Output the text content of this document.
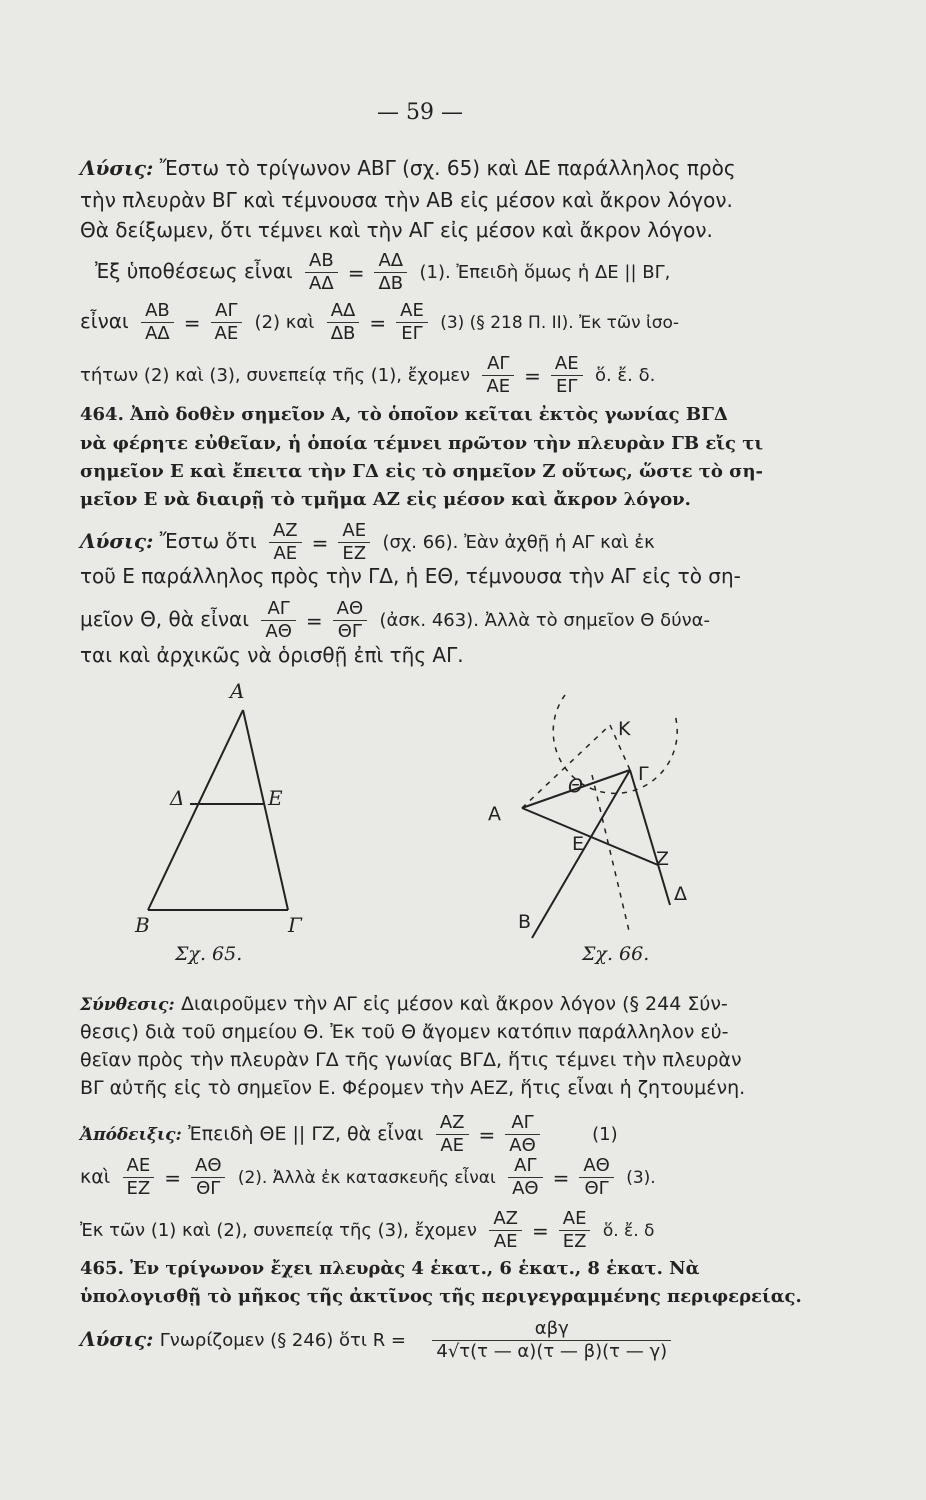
— 59 —
Λύσις: Ἔστω τὸ τρίγωνον ΑΒΓ (σχ. 65) καὶ ΔΕ παράλληλος πρὸς
τὴν πλευρὰν ΒΓ καὶ τέμνουσα τὴν ΑΒ εἰς μέσον καὶ ἄκρον λόγον.
Θὰ δείξωμεν, ὅτι τέμνει καὶ τὴν ΑΓ εἰς μέσον καὶ ἄκρον λόγον.
Ἐξ ὑποθέσεως εἶναι $\frac{AB}{A\Delta} = \frac{A\Delta}{\Delta B} (1)$. Ἐπειδὴ ὅμως ἡ ΔΕ || ΒΓ,
εἶναι $\frac{AB}{A\Delta} = \frac{A\Gamma}{AE} (2)$ καὶ $\frac{A\Delta}{\Delta B} = \frac{AE}{E\Gamma} (3)$ (§ 218 Π. ΙΙ). Ἐκ τῶν ἰσο-
τήτων (2) καὶ (3), συνεπείᾳ τῆς (1), ἔχομεν $\frac{A\Gamma}{AE} = \frac{AE}{E\Gamma}$ ὅ. ἔ. δ.
464. Ἀπὸ δοθὲν σημεῖον Α, τὸ ὁποῖον κεῖται ἐκτὸς γωνίας ΒΓΔ
νὰ φέρητε εὐθεῖαν, ἡ ὁποία τέμνει πρῶτον τὴν πλευρὰν ΓΒ εἴς τι
σημεῖον Ε καὶ ἔπειτα τὴν ΓΔ εἰς τὸ σημεῖον Ζ οὕτως, ὥστε τὸ ση-
μεῖον Ε νὰ διαιρῇ τὸ τμῆμα ΑΖ εἰς μέσον καὶ ἄκρον λόγον.
Λύσις: Ἔστω ὅτι $\frac{AZ}{AE} = \frac{AE}{EZ} (\sigma\chi$. 66). Ἐὰν ἀχθῇ ἡ ΑΓ καὶ ἐκ
τοῦ Ε παράλληλος πρὸς τὴν ΓΔ, ἡ ΕΘ, τέμνουσα τὴν ΑΓ εἰς τὸ ση-
μεῖον Θ, θὰ εἶναι $\frac{A\Gamma}{A\Theta} = \frac{A\Theta}{\Theta\Gamma}$ (ἀσκ. 463). Ἀλλὰ τὸ σημεῖον Θ δύνα-
ται καὶ ἀρχικῶς νὰ ὁρισθῇ ἐπὶ τῆς ΑΓ.
Α
Δ	Ε
Β	Γ
Σχ. 65.
Κ
Θ
Γ
Α
Ε
Ζ
Δ
Β
Σχ. 66.
Σύνθεσις: Διαιροῦμεν τὴν ΑΓ εἰς μέσον καὶ ἄκρον λόγον (§ 244 Σύν-
θεσις) διὰ τοῦ σημείου Θ. Ἐκ τοῦ Θ ἄγομεν κατόπιν παράλληλον εὐ-
θεῖαν πρὸς τὴν πλευρὰν ΓΔ τῆς γωνίας ΒΓΔ, ἥτις τέμνει τὴν πλευρὰν
ΒΓ αὐτῆς εἰς τὸ σημεῖον Ε. Φέρομεν τὴν ΑΕΖ, ἥτις εἶναι ἡ ζητουμένη.
Ἀπόδειξις: Ἐπειδὴ ΘΕ || ΓΖ, θὰ εἶναι $\frac{AZ}{AE} = \frac{A\Gamma}{A\Theta}$	(1)
καὶ $\frac{AE}{EZ} = \frac{A\Theta}{\Theta\Gamma} (2)$. Ἀλλὰ ἐκ κατασκευῆς εἶναι $\frac{A\Gamma}{A\Theta} = \frac{A\Theta}{\Theta\Gamma} (3)$.
Ἐκ τῶν (1) καὶ (2), συνεπείᾳ τῆς (3), ἔχομεν $\frac{AZ}{AE} = \frac{AE}{EZ}$ ὅ. ἔ. δ
465. Ἐν τρίγωνον ἔχει πλευρὰς 4 ἑκατ., 6 ἑκατ., 8 ἑκατ. Νὰ
ὑπολογισθῇ τὸ μῆκος τῆς ἀκτῖνος τῆς περιγεγραμμένης περιφερείας.
Λύσις: Γνωρίζομεν (§ 246) ὅτι $R = \frac{\text{αβγ}}{4√\tau(\tau — \alpha)(\tau — \beta)(\tau — \gamma)}$
